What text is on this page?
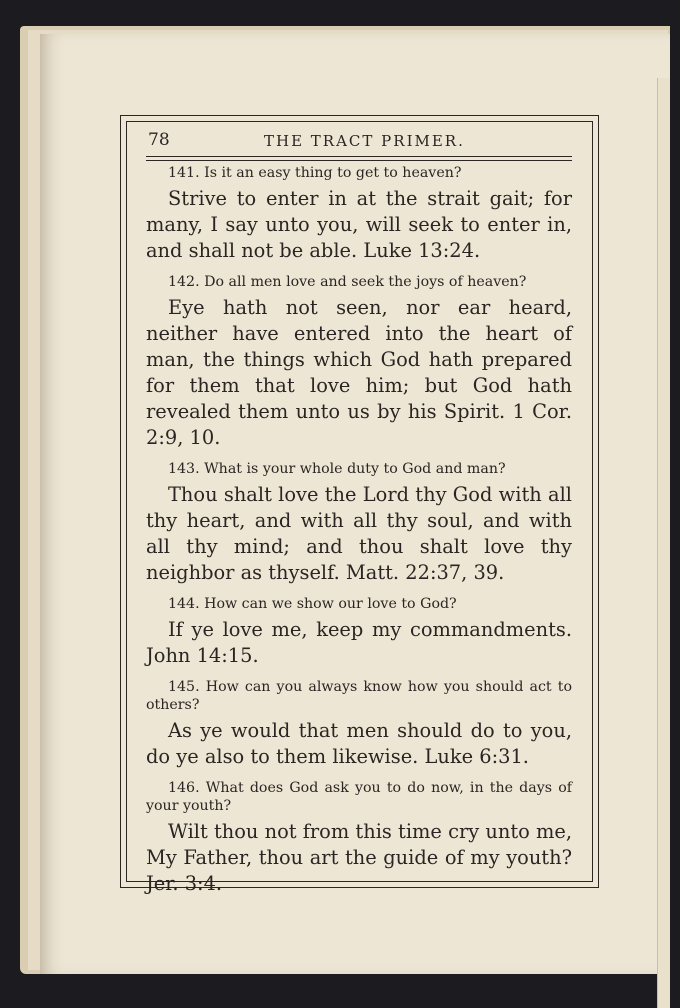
78	THE TRACT PRIMER.

141. Is it an easy thing to get to heaven?

Strive to enter in at the strait gait; for many, I say unto you, will seek to enter in, and shall not be able. Luke 13:24.

142. Do all men love and seek the joys of heaven?

Eye hath not seen, nor ear heard, neither have entered into the heart of man, the things which God hath prepared for them that love him; but God hath revealed them unto us by his Spirit. 1 Cor. 2:9, 10.

143. What is your whole duty to God and man?

Thou shalt love the Lord thy God with all thy heart, and with all thy soul, and with all thy mind; and thou shalt love thy neighbor as thyself. Matt. 22:37, 39.

144. How can we show our love to God?

If ye love me, keep my commandments. John 14:15.

145. How can you always know how you should act to others?

As ye would that men should do to you, do ye also to them likewise. Luke 6:31.

146. What does God ask you to do now, in the days of your youth?

Wilt thou not from this time cry unto me, My Father, thou art the guide of my youth? Jer. 3:4.
